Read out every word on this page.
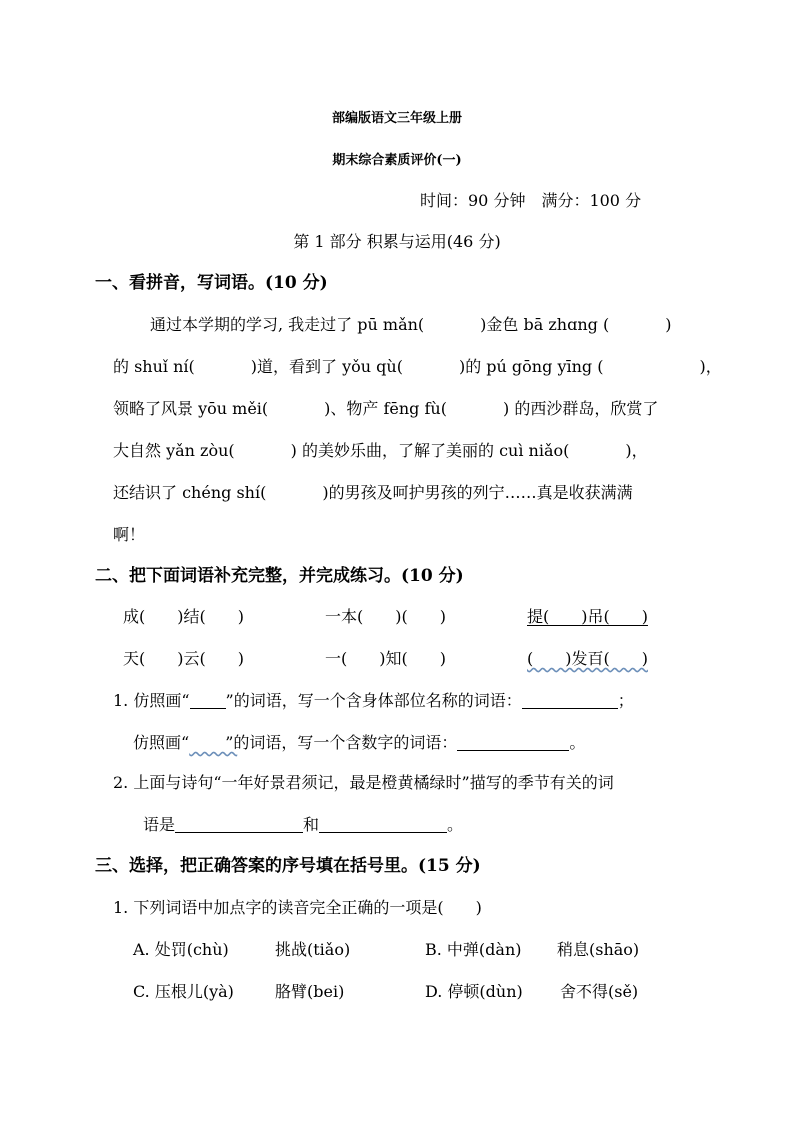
部编版语文三年级上册
期末综合素质评价(一)
时间：90 分钟　满分：100 分
第 1 部分 积累与运用(46 分)
一、看拼音，写词语。(10 分)
通过本学期的学习, 我走过了 pū mǎn(	)金色 bā zhɑng (	)
的 shuǐ ní(	)道，看到了 yǒu qù(	)的 pú gōng yīng (	)，
领略了风景 yōu měi(	)、物产 fēng fù(	) 的西沙群岛，欣赏了
大自然 yǎn zòu(	) 的美妙乐曲，了解了美丽的 cuì niǎo(	)，
还结识了 chéng shí(	)的男孩及呵护男孩的列宁……真是收获满满
啊！
二、把下面词语补充完整，并完成练习。(10 分)
成(　　)结(　　)	一本(　　)(　　)	提(　　)吊(　　)
天(　　)云(　　)	一(　　)知(　　)	(　　)发百(　　)
1. 仿照画“ ”的词语，写一个含身体部位名称的词语：	；
仿照画“​　　　”的词语，写一个含数字的词语：	。
2. 上面与诗句“一年好景君须记，最是橙黄橘绿时”描写的季节有关的词
语是	和	。
三、选择，把正确答案的序号填在括号里。(15 分)
1. 下列词语中加点字的读音完全正确的一项是(　　)
A. 处罚(chù)	挑战(tiǎo)	B. 中弹(dàn) 稍息(shāo)
C. 压根儿(yà)	胳臂(bei)	D. 停顿(dùn) 舍不得(sě)
